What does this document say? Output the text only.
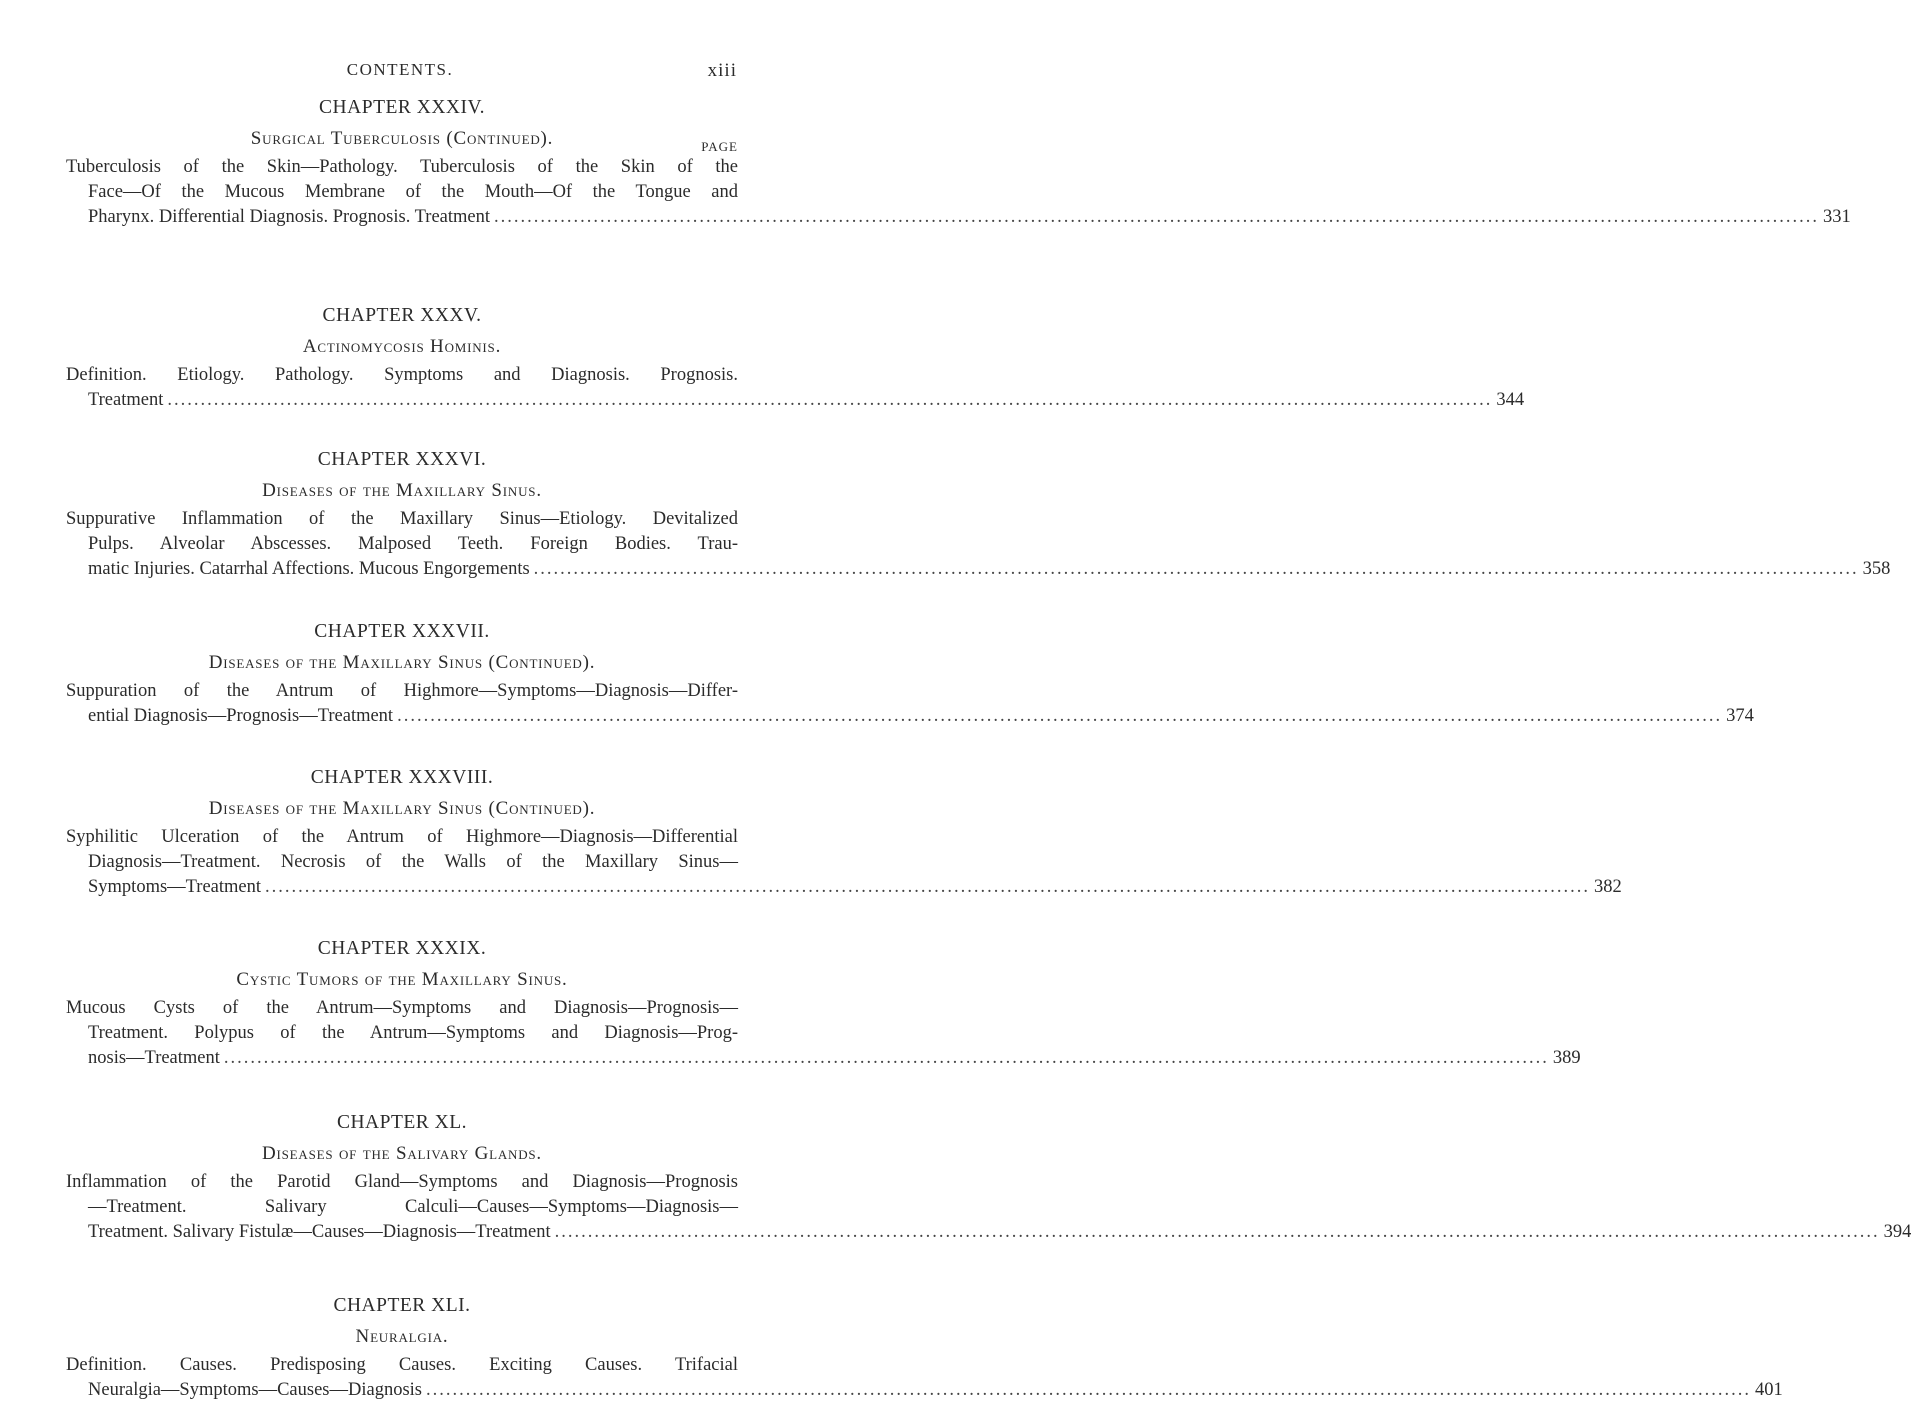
CONTENTS.	xiii
CHAPTER XXXIV.
Surgical Tuberculosis (Continued).	PAGE
Tuberculosis of the Skin—Pathology. Tuberculosis of the Skin of the
Face—Of the Mucous Membrane of the Mouth—Of the Tongue and
Pharynx. Differential Diagnosis. Prognosis. Treatment ........................................................................................................................................................................................................ 331
CHAPTER XXXV.
Actinomycosis Hominis.
Definition. Etiology. Pathology. Symptoms and Diagnosis. Prognosis.
Treatment ........................................................................................................................................................................................................ 344
CHAPTER XXXVI.
Diseases of the Maxillary Sinus.
Suppurative Inflammation of the Maxillary Sinus—Etiology. Devitalized
Pulps. Alveolar Abscesses. Malposed Teeth. Foreign Bodies. Trau-
matic Injuries. Catarrhal Affections. Mucous Engorgements ........................................................................................................................................................................................................ 358
CHAPTER XXXVII.
Diseases of the Maxillary Sinus (Continued).
Suppuration of the Antrum of Highmore—Symptoms—Diagnosis—Differ-
ential Diagnosis—Prognosis—Treatment ........................................................................................................................................................................................................ 374
CHAPTER XXXVIII.
Diseases of the Maxillary Sinus (Continued).
Syphilitic Ulceration of the Antrum of Highmore—Diagnosis—Differential
Diagnosis—Treatment. Necrosis of the Walls of the Maxillary Sinus—
Symptoms—Treatment ........................................................................................................................................................................................................ 382
CHAPTER XXXIX.
Cystic Tumors of the Maxillary Sinus.
Mucous Cysts of the Antrum—Symptoms and Diagnosis—Prognosis—
Treatment. Polypus of the Antrum—Symptoms and Diagnosis—Prog-
nosis—Treatment ........................................................................................................................................................................................................ 389
CHAPTER XL.
Diseases of the Salivary Glands.
Inflammation of the Parotid Gland—Symptoms and Diagnosis—Prognosis
—Treatment. Salivary Calculi—Causes—Symptoms—Diagnosis—
Treatment. Salivary Fistulæ—Causes—Diagnosis—Treatment ........................................................................................................................................................................................................ 394
CHAPTER XLI.
Neuralgia.
Definition. Causes. Predisposing Causes. Exciting Causes. Trifacial
Neuralgia—Symptoms—Causes—Diagnosis ........................................................................................................................................................................................................ 401
